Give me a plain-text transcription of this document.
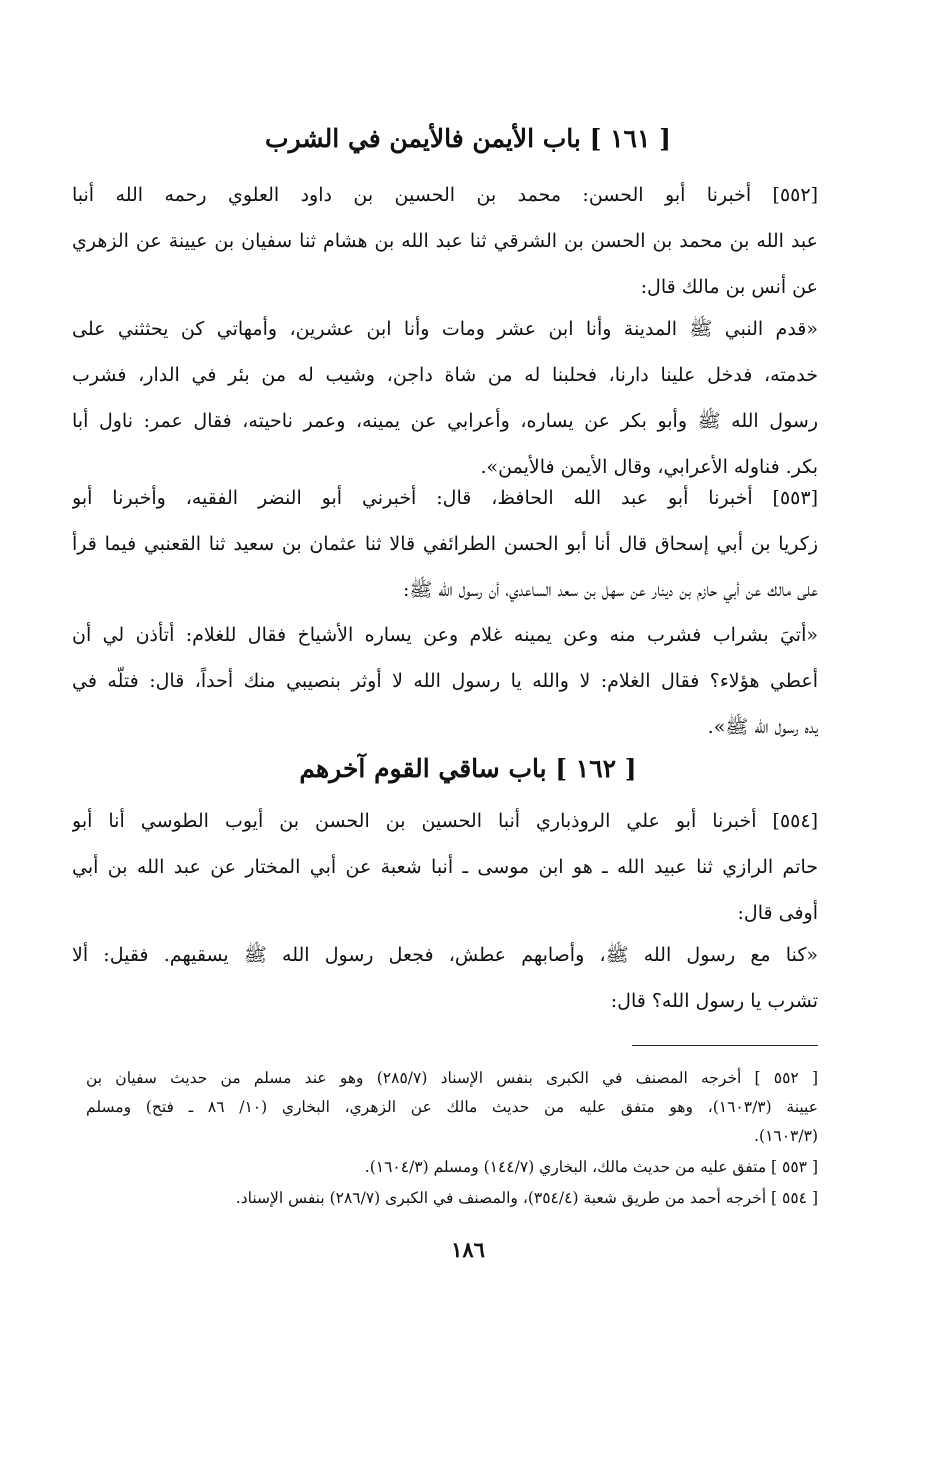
[ ١٦١ ] باب الأيمن فالأيمن في الشرب
[٥٥٢] أخبرنا أبو الحسن: محمد بن الحسين بن داود العلوي رحمه الله أنبا
عبد الله بن محمد بن الحسن بن الشرقي ثنا عبد الله بن هشام ثنا سفيان بن عيينة عن الزهري
عن أنس بن مالك قال:
«قدم النبي ﷺ المدينة وأنا ابن عشر ومات وأنا ابن عشرين، وأمهاتي كن يحثثني على
خدمته، فدخل علينا دارنا، فحلبنا له من شاة داجن، وشيب له من بئر في الدار، فشرب
رسول الله ﷺ وأبو بكر عن يساره، وأعرابي عن يمينه، وعمر ناحيته، فقال عمر: ناول أبا
بكر. فناوله الأعرابي، وقال الأيمن فالأيمن».
[٥٥٣] أخبرنا أبو عبد الله الحافظ، قال: أخبرني أبو النضر الفقيه، وأخبرنا أبو
زكريا بن أبي إسحاق قال أنا أبو الحسن الطرائفي قالا ثنا عثمان بن سعيد ثنا القعنبي فيما قرأ
على مالك عن أبي حازم بن دينار عن سهل بن سعد الساعدي، أن رسول الله ﷺ:
«أتيَ بشراب فشرب منه وعن يمينه غلام وعن يساره الأشياخ فقال للغلام: أتأذن لي أن
أعطي هؤلاء؟ فقال الغلام: لا والله يا رسول الله لا أوثر بنصيبي منك أحداً، قال: فتلّه في
يده رسول الله ﷺ».
[ ١٦٢ ] باب ساقي القوم آخرهم
[٥٥٤] أخبرنا أبو علي الروذباري أنبا الحسين بن الحسن بن أيوب الطوسي أنا أبو
حاتم الرازي ثنا عبيد الله ـ هو ابن موسى ـ أنبا شعبة عن أبي المختار عن عبد الله بن أبي
أوفى قال:
«كنا مع رسول الله ﷺ، وأصابهم عطش، فجعل رسول الله ﷺ يسقيهم. فقيل: ألا
تشرب يا رسول الله؟ قال:
[ ٥٥٢ ] أخرجه المصنف في الكبرى بنفس الإسناد (٢٨٥/٧) وهو عند مسلم من حديث سفيان بن
عيينة (١٦٠٣/٣)، وهو متفق عليه من حديث مالك عن الزهري، البخاري (١٠/ ٨٦ ـ فتح) ومسلم
(١٦٠٣/٣).
[ ٥٥٣ ] متفق عليه من حديث مالك، البخاري (١٤٤/٧) ومسلم (١٦٠٤/٣).
[ ٥٥٤ ] أخرجه أحمد من طريق شعبة (٣٥٤/٤)، والمصنف في الكبرى (٢٨٦/٧) بنفس الإسناد.
١٨٦
